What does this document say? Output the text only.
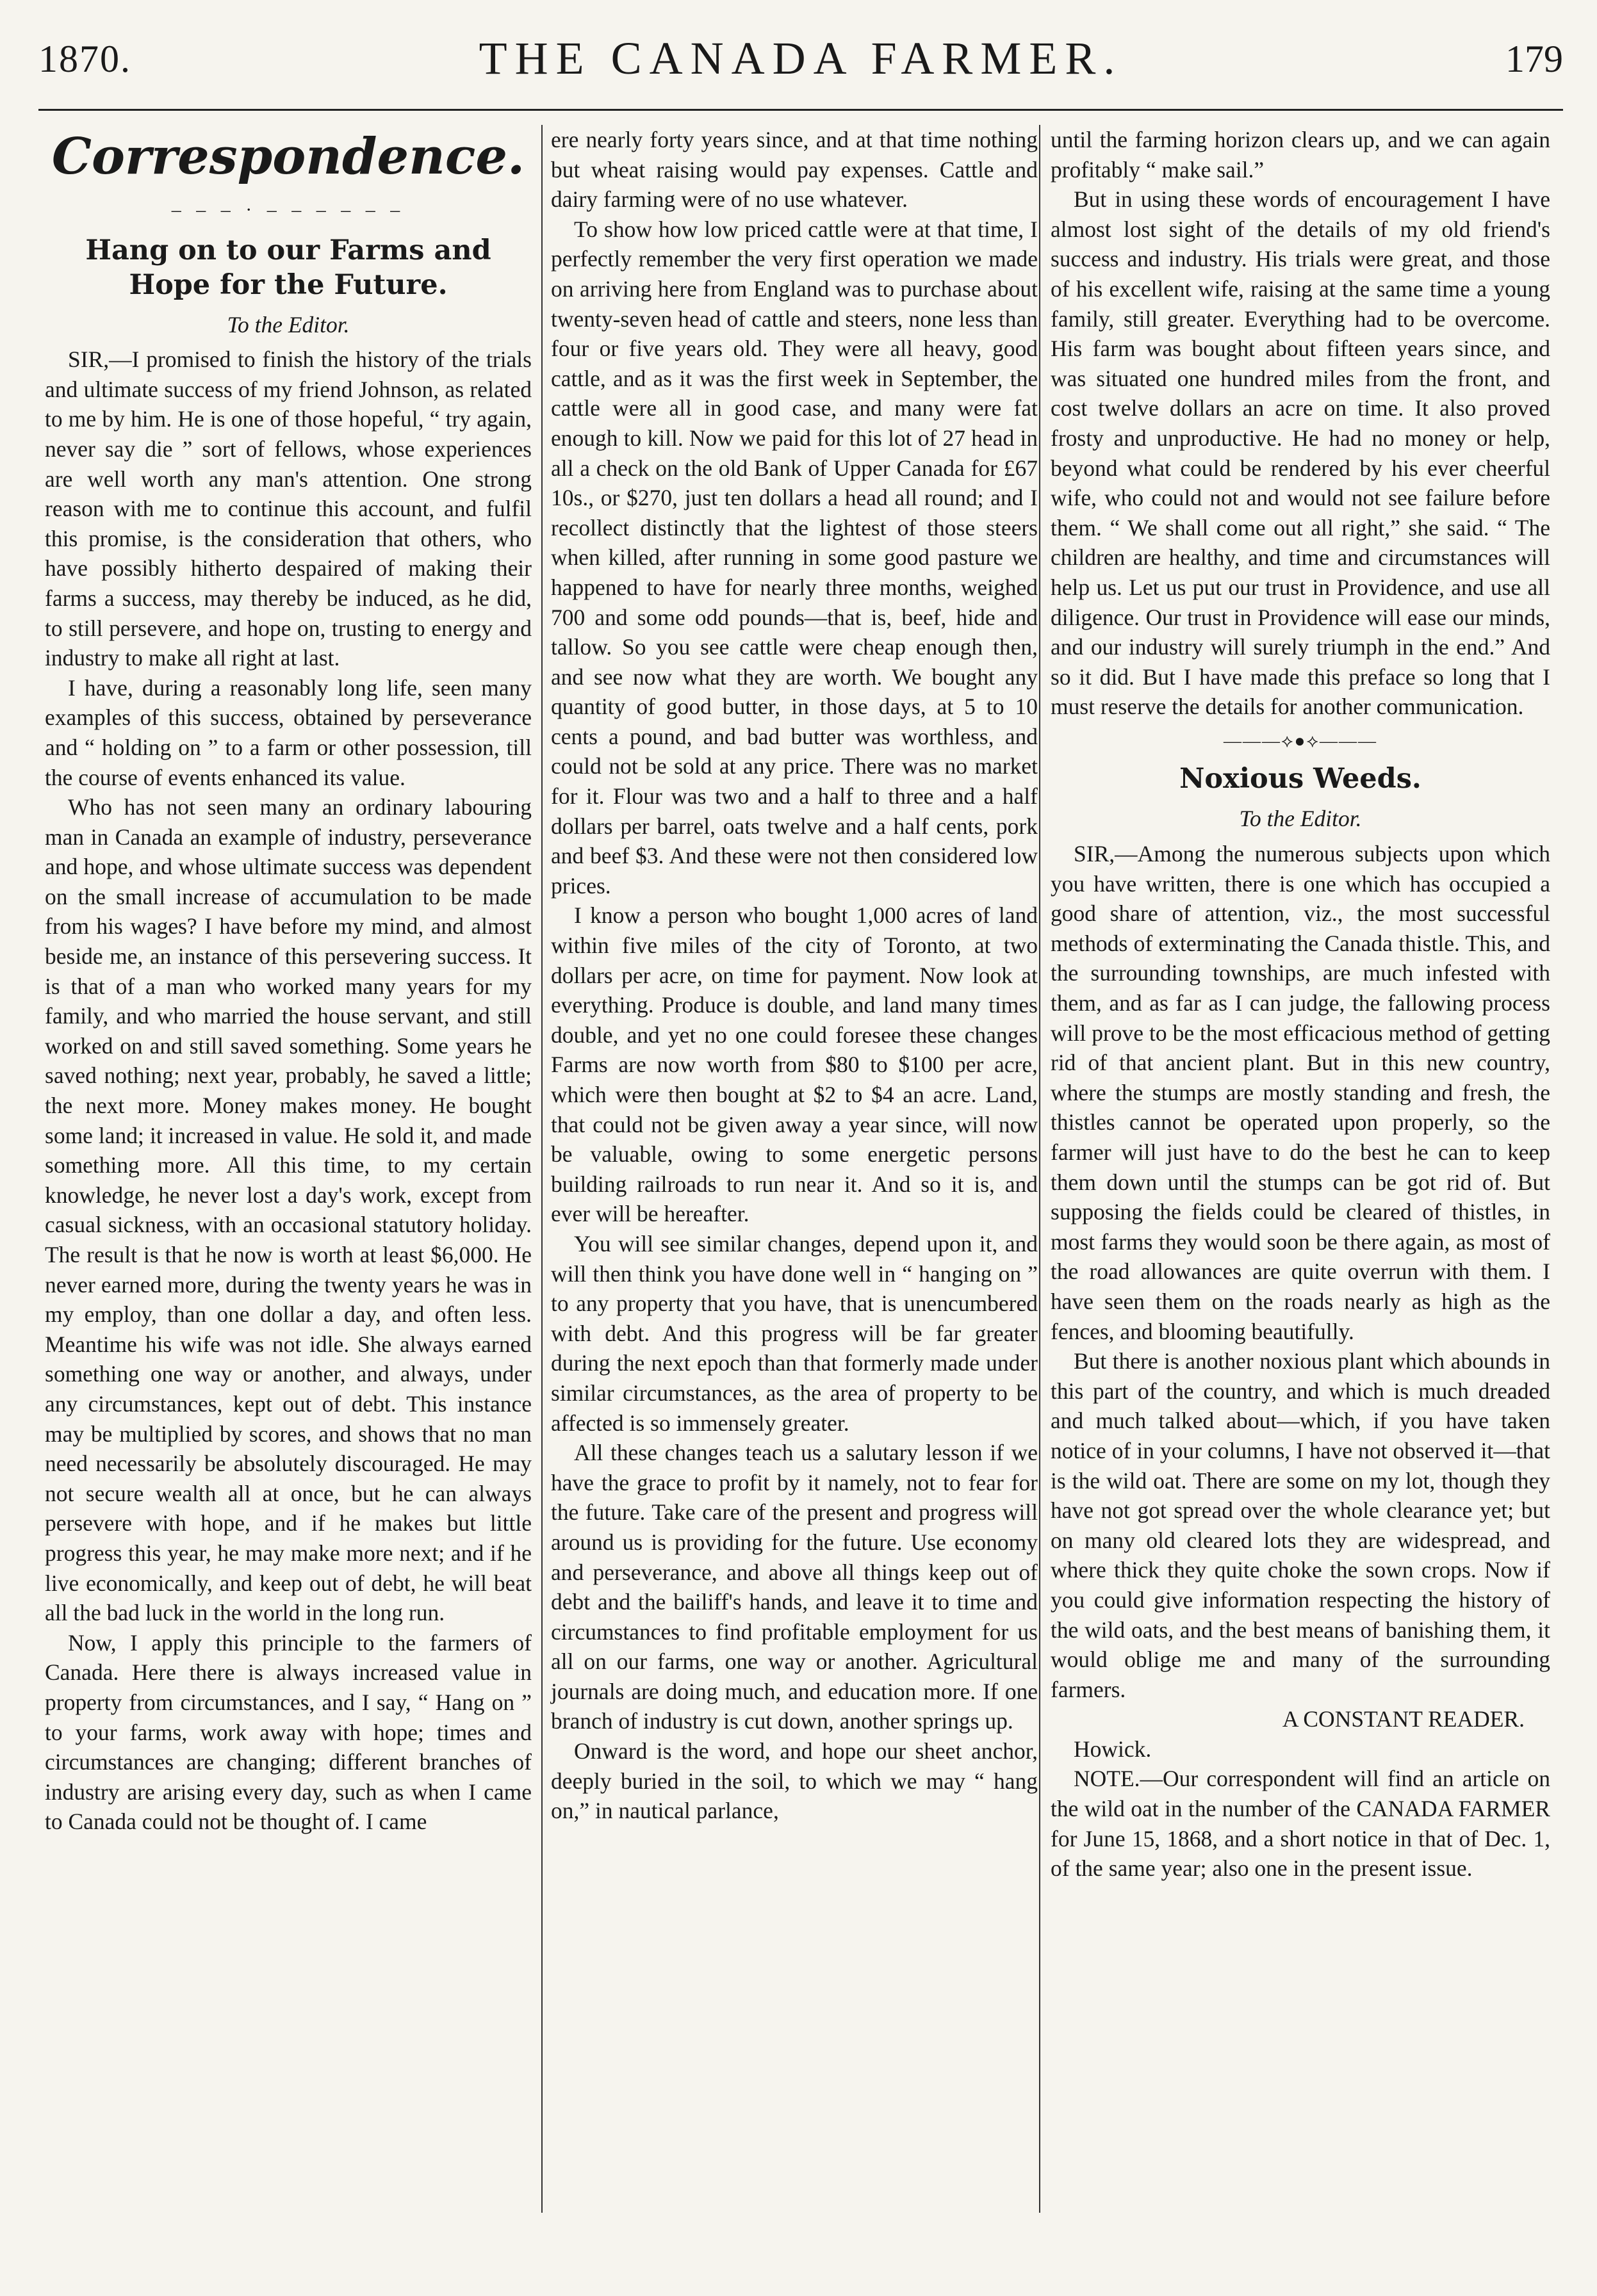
1870.	THE CANADA FARMER.	179
Correspondence.
– – – · – – – – – –
Hang on to our Farms and Hope for the Future.
To the Editor.

SIR,—I promised to finish the history of the trials and ultimate success of my friend Johnson, as related to me by him. He is one of those hopeful, “ try again, never say die ” sort of fellows, whose experiences are well worth any man's attention. One strong reason with me to continue this account, and fulfil this promise, is the consideration that others, who have possibly hitherto despaired of making their farms a success, may thereby be induced, as he did, to still persevere, and hope on, trusting to energy and industry to make all right at last.

I have, during a reasonably long life, seen many examples of this success, obtained by perseverance and “ holding on ” to a farm or other possession, till the course of events enhanced its value.

Who has not seen many an ordinary labouring man in Canada an example of industry, perseverance and hope, and whose ultimate success was dependent on the small increase of accumulation to be made from his wages? I have before my mind, and almost beside me, an instance of this persevering success. It is that of a man who worked many years for my family, and who married the house servant, and still worked on and still saved something. Some years he saved nothing; next year, probably, he saved a little; the next more. Money makes money. He bought some land; it increased in value. He sold it, and made something more. All this time, to my certain knowledge, he never lost a day's work, except from casual sickness, with an occasional statutory holiday. The result is that he now is worth at least $6,000. He never earned more, during the twenty years he was in my employ, than one dollar a day, and often less. Meantime his wife was not idle. She always earned something one way or another, and always, under any circumstances, kept out of debt. This instance may be multiplied by scores, and shows that no man need necessarily be absolutely discouraged. He may not secure wealth all at once, but he can always persevere with hope, and if he makes but little progress this year, he may make more next; and if he live economically, and keep out of debt, he will beat all the bad luck in the world in the long run.

Now, I apply this principle to the farmers of Canada. Here there is always increased value in property from circumstances, and I say, “ Hang on ” to your farms, work away with hope; times and circumstances are changing; different branches of industry are arising every day, such as when I came to Canada could not be thought of. I came

ere nearly forty years since, and at that time nothing but wheat raising would pay expenses. Cattle and dairy farming were of no use whatever.

To show how low priced cattle were at that time, I perfectly remember the very first operation we made on arriving here from England was to purchase about twenty-seven head of cattle and steers, none less than four or five years old. They were all heavy, good cattle, and as it was the first week in September, the cattle were all in good case, and many were fat enough to kill. Now we paid for this lot of 27 head in all a check on the old Bank of Upper Canada for £67 10s., or $270, just ten dollars a head all round; and I recollect distinctly that the lightest of those steers when killed, after running in some good pasture we happened to have for nearly three months, weighed 700 and some odd pounds—that is, beef, hide and tallow. So you see cattle were cheap enough then, and see now what they are worth. We bought any quantity of good butter, in those days, at 5 to 10 cents a pound, and bad butter was worthless, and could not be sold at any price. There was no market for it. Flour was two and a half to three and a half dollars per barrel, oats twelve and a half cents, pork and beef $3. And these were not then considered low prices.

I know a person who bought 1,000 acres of land within five miles of the city of Toronto, at two dollars per acre, on time for payment. Now look at everything. Produce is double, and land many times double, and yet no one could foresee these changes Farms are now worth from $80 to $100 per acre, which were then bought at $2 to $4 an acre. Land, that could not be given away a year since, will now be valuable, owing to some energetic persons building railroads to run near it. And so it is, and ever will be hereafter.

You will see similar changes, depend upon it, and will then think you have done well in “ hanging on ” to any property that you have, that is unencumbered with debt. And this progress will be far greater during the next epoch than that formerly made under similar circumstances, as the area of property to be affected is so immensely greater.

All these changes teach us a salutary lesson if we have the grace to profit by it namely, not to fear for the future. Take care of the present and progress will around us is providing for the future. Use economy and perseverance, and above all things keep out of debt and the bailiff's hands, and leave it to time and circumstances to find profitable employment for us all on our farms, one way or another. Agricultural journals are doing much, and education more. If one branch of industry is cut down, another springs up.

Onward is the word, and hope our sheet anchor, deeply buried in the soil, to which we may “ hang on,” in nautical parlance,

until the farming horizon clears up, and we can again profitably “ make sail.”

But in using these words of encouragement I have almost lost sight of the details of my old friend's success and industry. His trials were great, and those of his excellent wife, raising at the same time a young family, still greater. Everything had to be overcome. His farm was bought about fifteen years since, and was situated one hundred miles from the front, and cost twelve dollars an acre on time. It also proved frosty and unproductive. He had no money or help, beyond what could be rendered by his ever cheerful wife, who could not and would not see failure before them. “ We shall come out all right,” she said. “ The children are healthy, and time and circumstances will help us. Let us put our trust in Providence, and use all diligence. Our trust in Providence will ease our minds, and our industry will surely triumph in the end.” And so it did. But I have made this preface so long that I must reserve the details for another communication.

———⟡●⟡———
Noxious Weeds.
To the Editor.

SIR,—Among the numerous subjects upon which you have written, there is one which has occupied a good share of attention, viz., the most successful methods of exterminating the Canada thistle. This, and the surrounding townships, are much infested with them, and as far as I can judge, the fallowing process will prove to be the most efficacious method of getting rid of that ancient plant. But in this new country, where the stumps are mostly standing and fresh, the thistles cannot be operated upon properly, so the farmer will just have to do the best he can to keep them down until the stumps can be got rid of. But supposing the fields could be cleared of thistles, in most farms they would soon be there again, as most of the road allowances are quite overrun with them. I have seen them on the roads nearly as high as the fences, and blooming beautifully.

But there is another noxious plant which abounds in this part of the country, and which is much dreaded and much talked about—which, if you have taken notice of in your columns, I have not observed it—that is the wild oat. There are some on my lot, though they have not got spread over the whole clearance yet; but on many old cleared lots they are widespread, and where thick they quite choke the sown crops. Now if you could give information respecting the history of the wild oats, and the best means of banishing them, it would oblige me and many of the surrounding farmers.

A CONSTANT READER.

Howick.

NOTE.—Our correspondent will find an article on the wild oat in the number of the CANADA FARMER for June 15, 1868, and a short notice in that of Dec. 1, of the same year; also one in the present issue.
